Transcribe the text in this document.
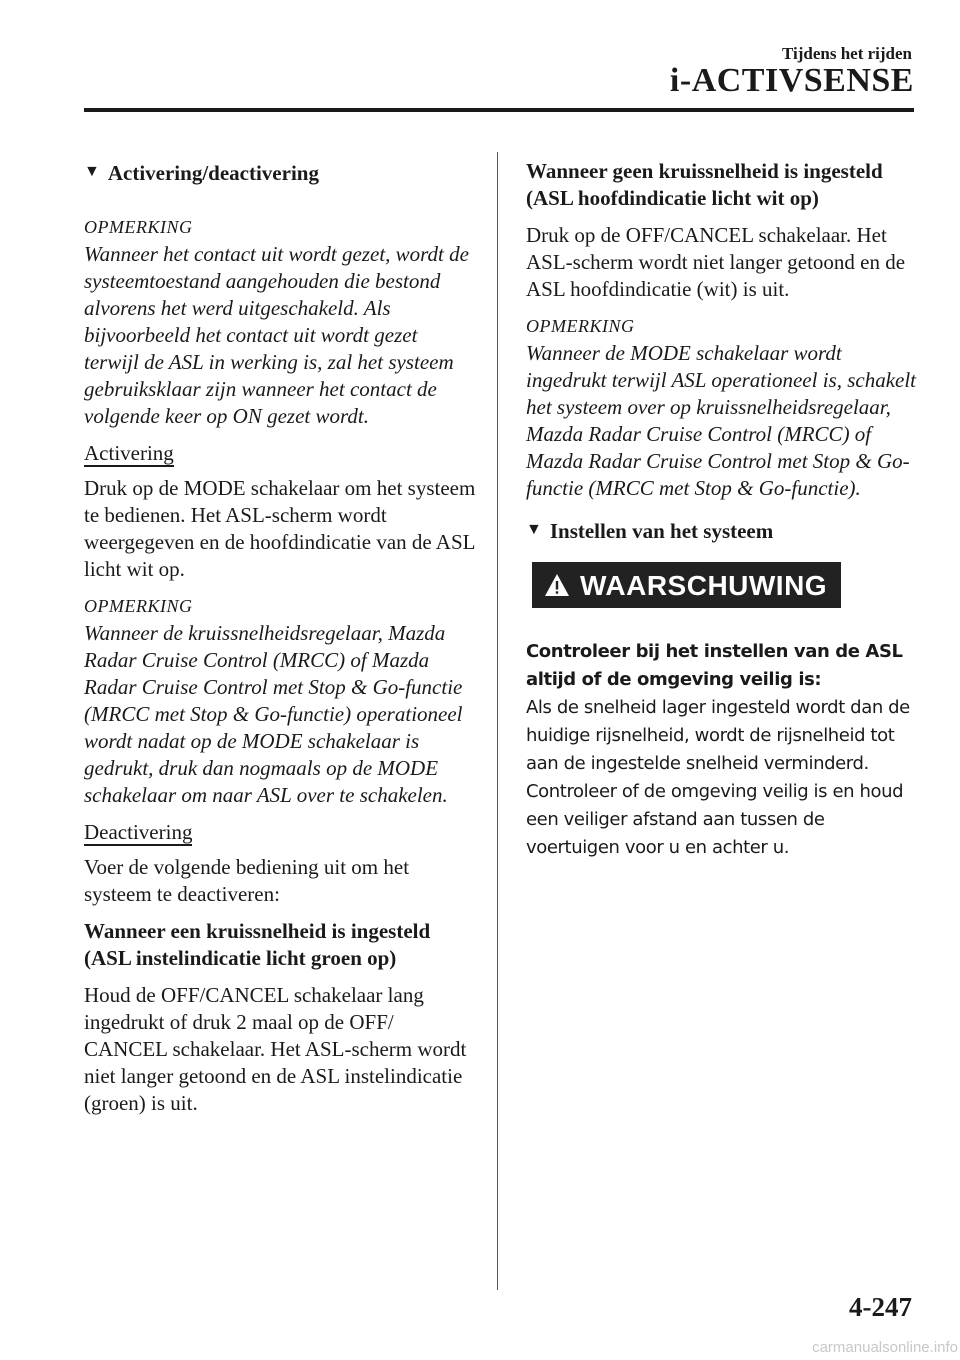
Tijdens het rijden
i-ACTIVSENSE
▼ Activering/deactivering
OPMERKING
Wanneer het contact uit wordt gezet, wordt de systeemtoestand aangehouden die bestond alvorens het werd uitgeschakeld. Als bijvoorbeeld het contact uit wordt gezet terwijl de ASL in werking is, zal het systeem gebruiksklaar zijn wanneer het contact de volgende keer op ON gezet wordt.
Activering
Druk op de MODE schakelaar om het systeem te bedienen. Het ASL-scherm wordt weergegeven en de hoofdindicatie van de ASL licht wit op.
OPMERKING
Wanneer de kruissnelheidsregelaar, Mazda Radar Cruise Control (MRCC) of Mazda Radar Cruise Control met Stop & Go-functie (MRCC met Stop & Go-functie) operationeel wordt nadat op de MODE schakelaar is gedrukt, druk dan nogmaals op de MODE schakelaar om naar ASL over te schakelen.
Deactivering
Voer de volgende bediening uit om het systeem te deactiveren:
Wanneer een kruissnelheid is ingesteld (ASL instelindicatie licht groen op)
Houd de OFF/CANCEL schakelaar lang ingedrukt of druk 2 maal op de OFF/ CANCEL schakelaar. Het ASL-scherm wordt niet langer getoond en de ASL instelindicatie (groen) is uit.
Wanneer geen kruissnelheid is ingesteld (ASL hoofdindicatie licht wit op)
Druk op de OFF/CANCEL schakelaar. Het ASL-scherm wordt niet langer getoond en de ASL hoofdindicatie (wit) is uit.
OPMERKING
Wanneer de MODE schakelaar wordt ingedrukt terwijl ASL operationeel is, schakelt het systeem over op kruissnelheidsregelaar, Mazda Radar Cruise Control (MRCC) of Mazda Radar Cruise Control met Stop & Go-functie (MRCC met Stop & Go-functie).
▼ Instellen van het systeem
WAARSCHUWING
Controleer bij het instellen van de ASL altijd of de omgeving veilig is:
Als de snelheid lager ingesteld wordt dan de huidige rijsnelheid, wordt de rijsnelheid tot aan de ingestelde snelheid verminderd. Controleer of de omgeving veilig is en houd een veiliger afstand aan tussen de voertuigen voor u en achter u.
4-247
carmanualsonline.info
